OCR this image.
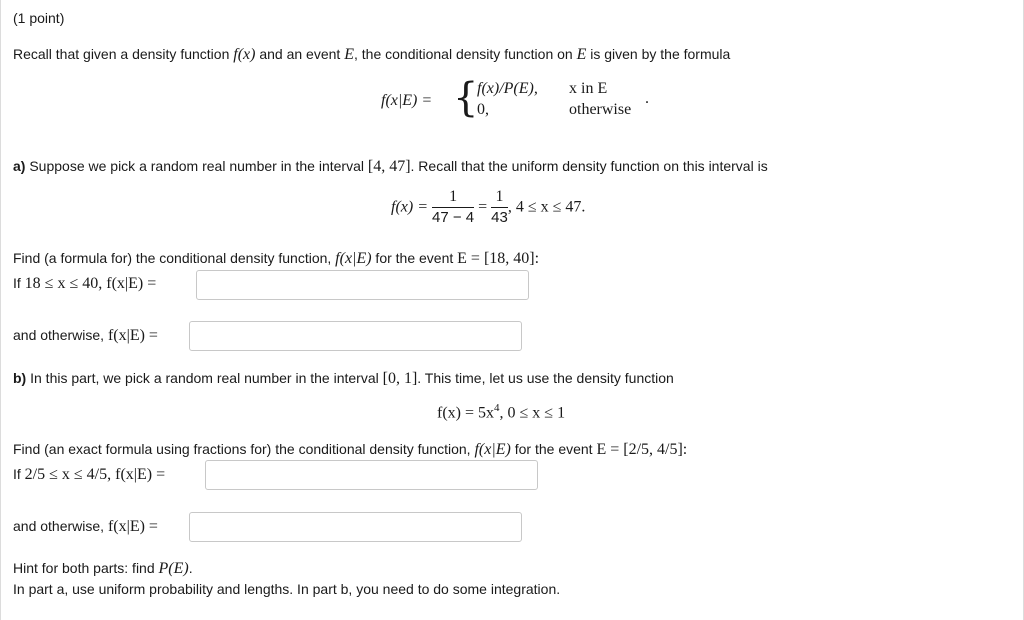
(1 point)
Recall that given a density function f(x) and an event E, the conditional density function on E is given by the formula
f(x|E) = {
f(x)/P(E), x in E
0,	otherwise
.
a) Suppose we pick a random real number in the interval [4, 47]. Recall that the uniform density function on this interval is
$f(x) = \frac{1}{47 - 4} = \frac{1}{43}$ , 4 ≤ x ≤ 47.
Find (a formula for) the conditional density function, f(x|E) for the event E = [18, 40]:
If 18 ≤ x ≤ 40, f(x|E) =
and otherwise, f(x|E) =
b) In this part, we pick a random real number in the interval [0, 1]. This time, let us use the density function
$f(x) = 5x^4$, 0 ≤ x ≤ 1
Find (an exact formula using fractions for) the conditional density function, f(x|E) for the event E = [2/5, 4/5]:
If 2/5 ≤ x ≤ 4/5, f(x|E) =
and otherwise, f(x|E) =
Hint for both parts: find P(E).
In part a, use uniform probability and lengths. In part b, you need to do some integration.
